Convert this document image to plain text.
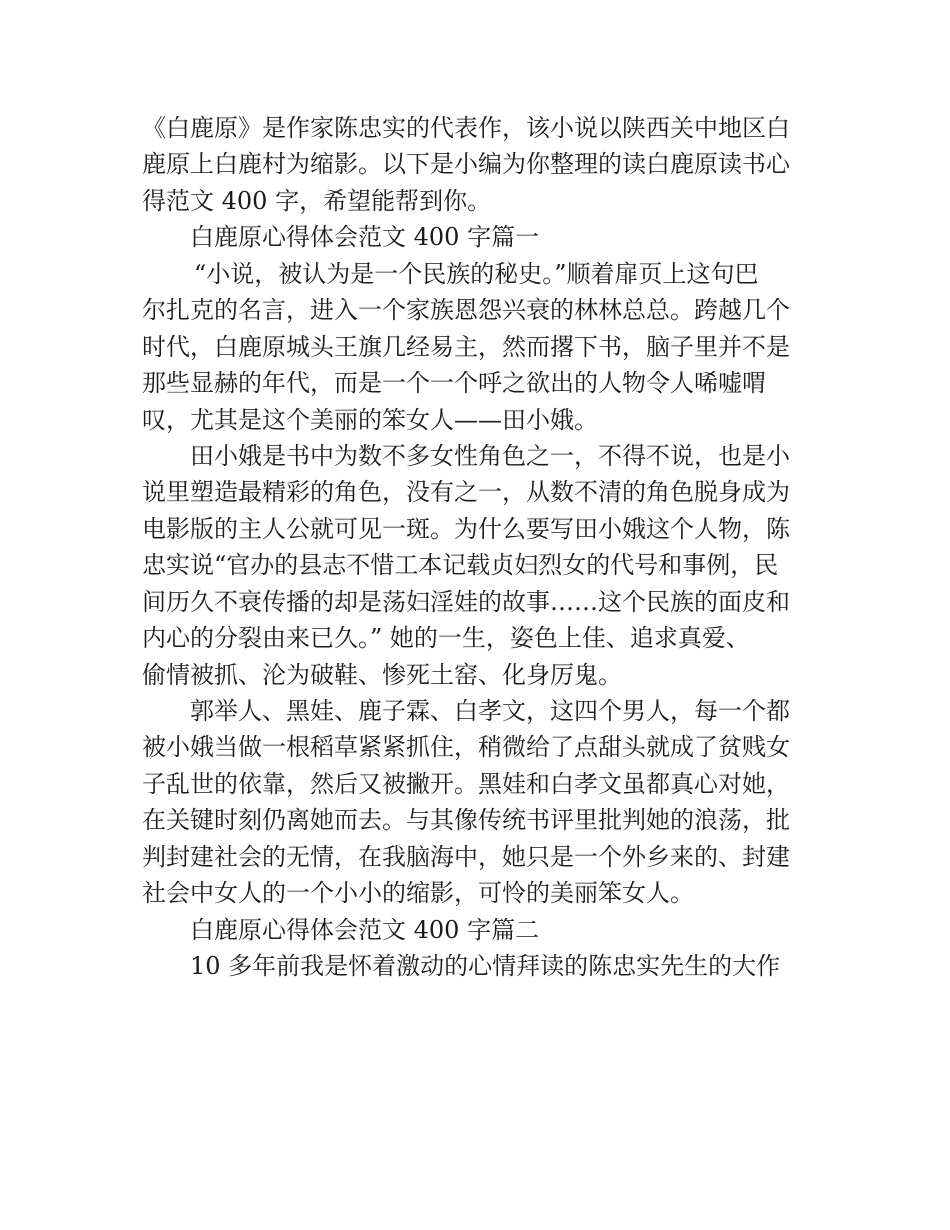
《白鹿原》是作家陈忠实的代表作，该小说以陕西关中地区白
鹿原上白鹿村为缩影。以下是小编为你整理的读白鹿原读书心
得范文 400 字，希望能帮到你。
白鹿原心得体会范文 400 字篇一
“小说，被认为是一个民族的秘史。”顺着扉页上这句巴
尔扎克的名言，进入一个家族恩怨兴衰的林林总总。跨越几个
时代，白鹿原城头王旗几经易主，然而撂下书，脑子里并不是
那些显赫的年代，而是一个一个呼之欲出的人物令人唏嘘喟
叹，尤其是这个美丽的笨女人——田小娥。
田小娥是书中为数不多女性角色之一，不得不说，也是小
说里塑造最精彩的角色，没有之一，从数不清的角色脱身成为
电影版的主人公就可见一斑。为什么要写田小娥这个人物，陈
忠实说“官办的县志不惜工本记载贞妇烈女的代号和事例，民
间历久不衰传播的却是荡妇淫娃的故事……这个民族的面皮和
内心的分裂由来已久。” 她的一生，姿色上佳、追求真爱、
偷情被抓、沦为破鞋、惨死土窑、化身厉鬼。
郭举人、黑娃、鹿子霖、白孝文，这四个男人，每一个都
被小娥当做一根稻草紧紧抓住，稍微给了点甜头就成了贫贱女
子乱世的依靠，然后又被撇开。黑娃和白孝文虽都真心对她，
在关键时刻仍离她而去。与其像传统书评里批判她的浪荡，批
判封建社会的无情，在我脑海中，她只是一个外乡来的、封建
社会中女人的一个小小的缩影，可怜的美丽笨女人。
白鹿原心得体会范文 400 字篇二
10 多年前我是怀着激动的心情拜读的陈忠实先生的大作
